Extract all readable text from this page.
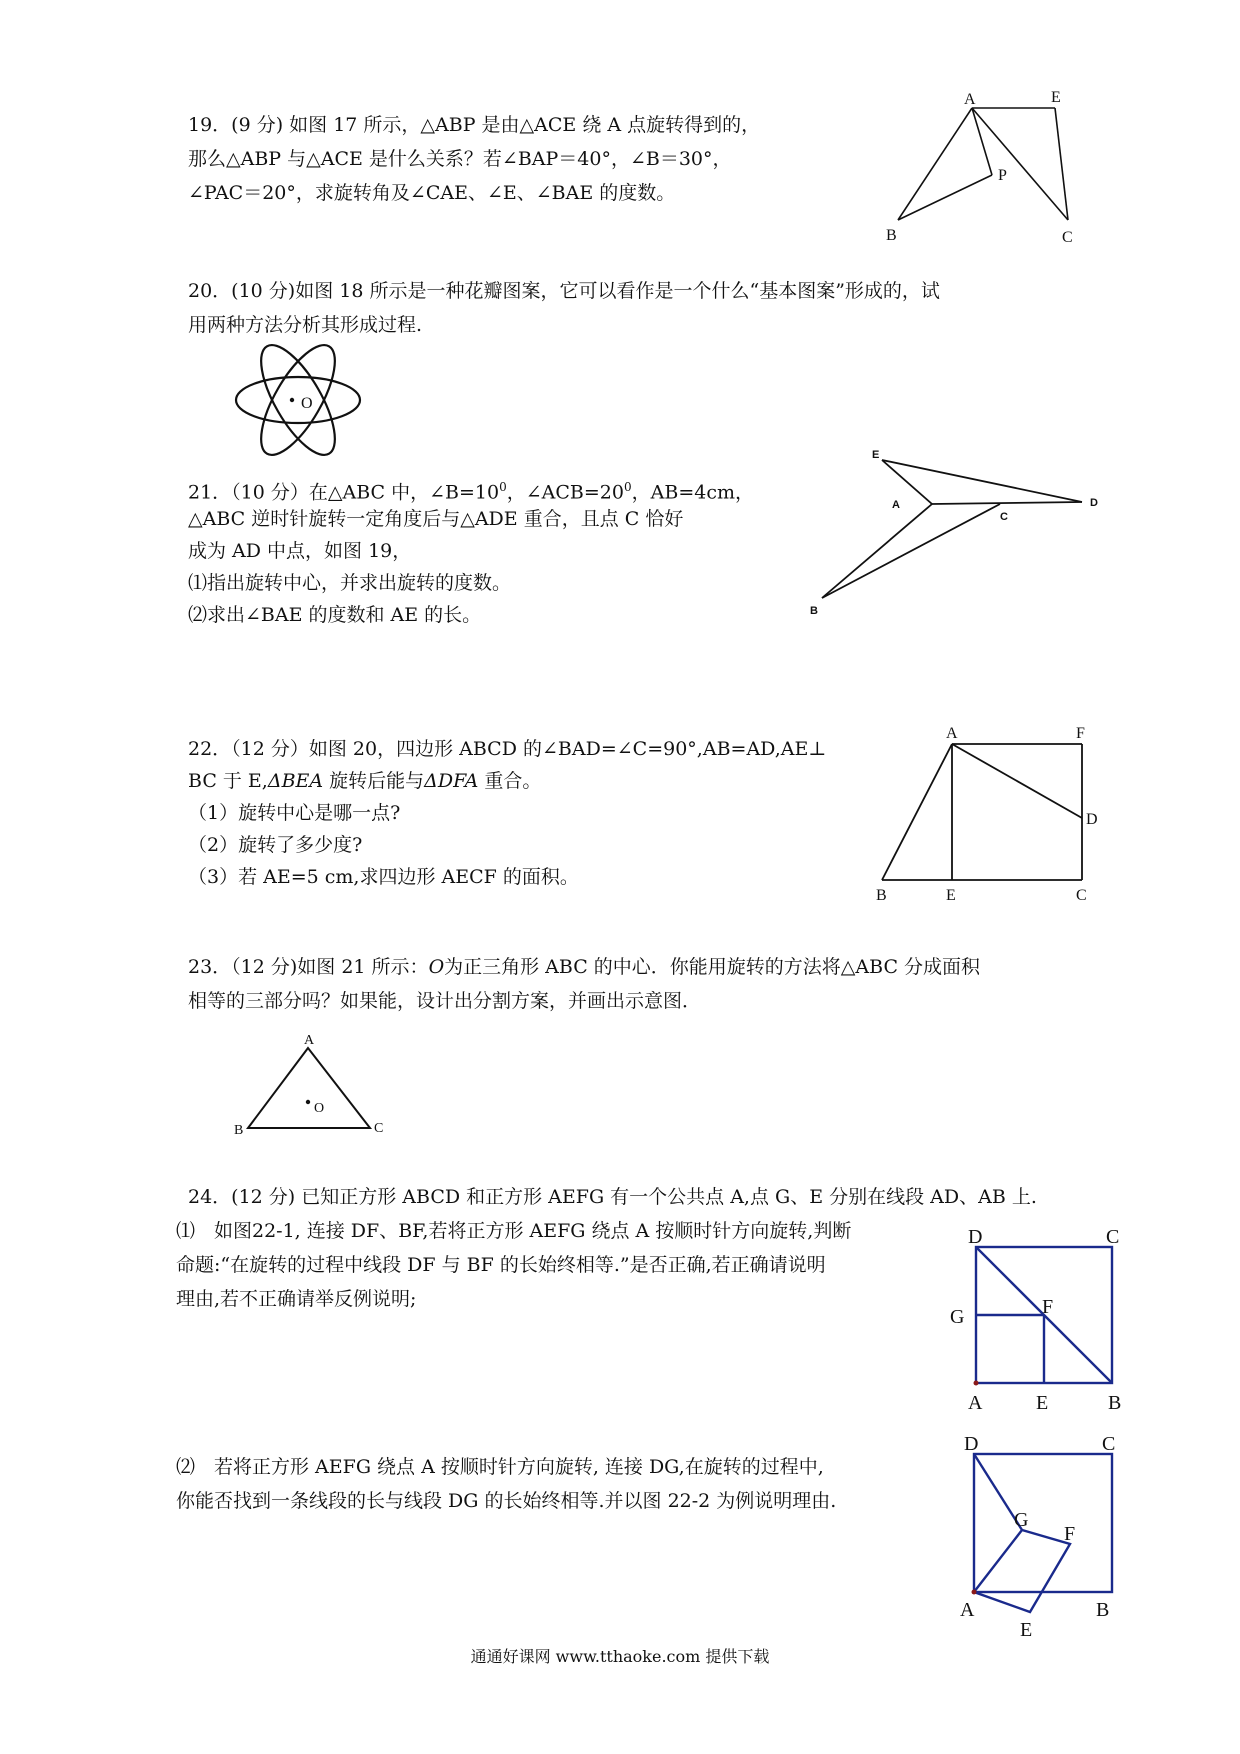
19．(9 分) 如图 17 所示，△ABP 是由△ACE 绕 A 点旋转得到的，
那么△ABP 与△ACE 是什么关系？若∠BAP＝40°，∠B＝30°，
∠PAC＝20°，求旋转角及∠CAE、∠E、∠BAE 的度数。
A	E
P
B	C
20．(10 分)如图 18 所示是一种花瓣图案，它可以看作是一个什么“基本图案”形成的，试
用两种方法分析其形成过程.
O
21．（10 分）在△ABC 中，$\angle B=10^0$，$\angle ACB=20^0$，AB=4cm，
△ABC 逆时针旋转一定角度后与△ADE 重合，且点 C 恰好
成为 AD 中点，如图 19，
⑴指出旋转中心，并求出旋转的度数。
⑵求出∠BAE 的度数和 AE 的长。
E
A
C
D
B
22．（12 分）如图 20，四边形 ABCD 的∠BAD=∠C=90°,AB=AD,AE⊥
BC 于 E,ΔBEA 旋转后能与ΔDFA 重合。
（1）旋转中心是哪一点?
（2）旋转了多少度?
（3）若 AE=5 cm,求四边形 AECF 的面积。
A	F
D
B	E	C
23．（12 分)如图 21 所示：O为正三角形 ABC 的中心．你能用旋转的方法将△ABC 分成面积
相等的三部分吗？如果能，设计出分割方案，并画出示意图．
A
O
B	C
24．(12 分) 已知正方形 ABCD 和正方形 AEFG 有一个公共点 A,点 G、E 分别在线段 AD、AB 上.
⑴　如图22-1, 连接 DF、BF,若将正方形 AEFG 绕点 A 按顺时针方向旋转,判断
命题:“在旋转的过程中线段 DF 与 BF 的长始终相等.”是否正确,若正确请说明
理由,若不正确请举反例说明;
D	C
G	F
A	E	B
⑵　若将正方形 AEFG 绕点 A 按顺时针方向旋转, 连接 DG,在旋转的过程中,
你能否找到一条线段的长与线段 DG 的长始终相等.并以图 22-2 为例说明理由.
D	C
G
F
A	B
E
通通好课网 www.tthaoke.com 提供下载
